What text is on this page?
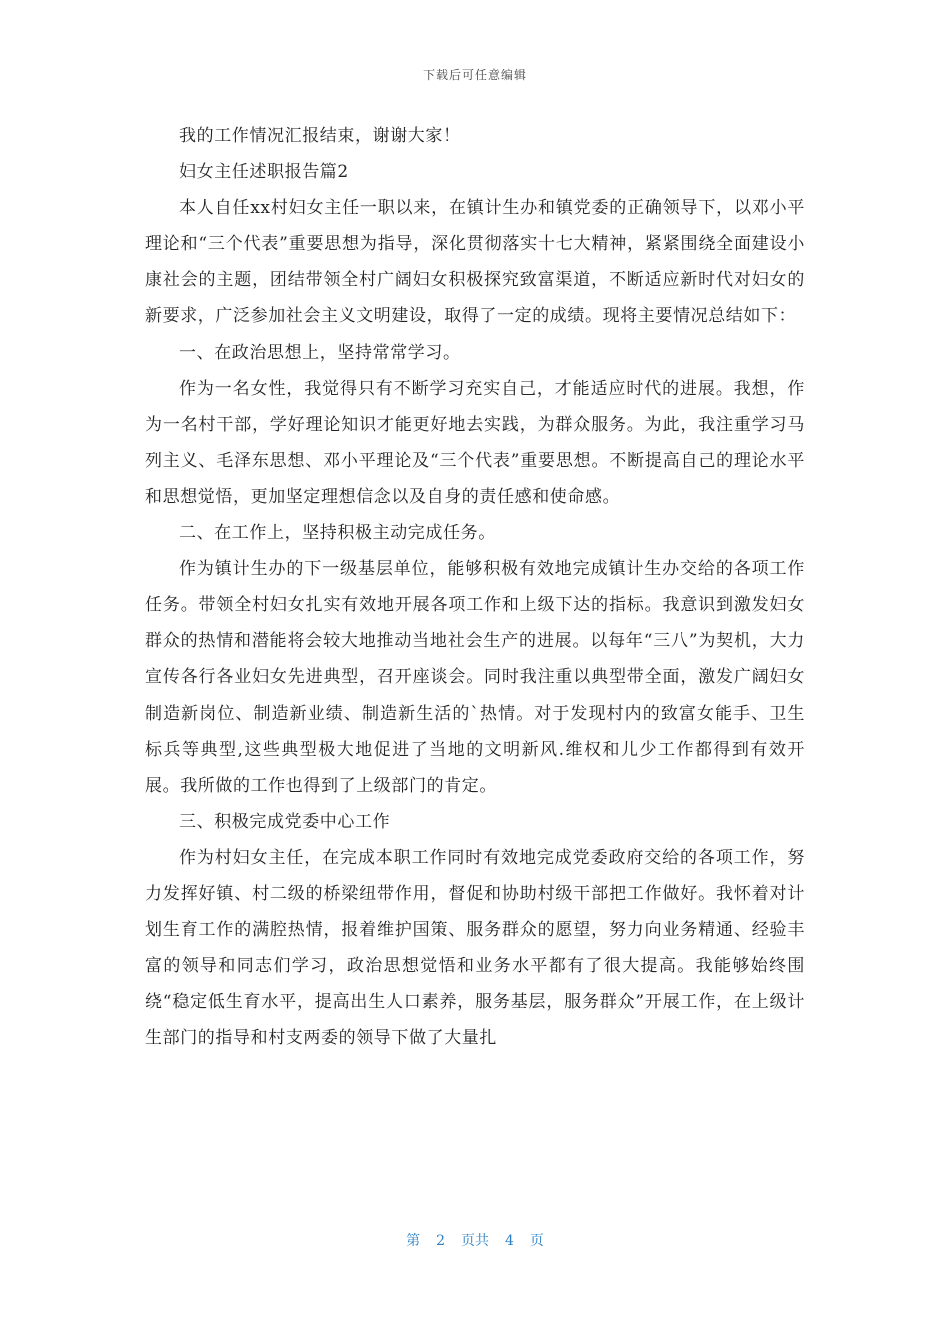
下载后可任意编辑

我的工作情况汇报结束，谢谢大家！

妇女主任述职报告篇2

本人自任xx村妇女主任一职以来，在镇计生办和镇党委的正确领导下，以邓小平理论和“三个代表”重要思想为指导，深化贯彻落实十七大精神，紧紧围绕全面建设小康社会的主题，团结带领全村广阔妇女积极探究致富渠道，不断适应新时代对妇女的新要求，广泛参加社会主义文明建设，取得了一定的成绩。现将主要情况总结如下：

一、在政治思想上，坚持常常学习。

作为一名女性，我觉得只有不断学习充实自己，才能适应时代的进展。我想，作为一名村干部，学好理论知识才能更好地去实践，为群众服务。为此，我注重学习马列主义、毛泽东思想、邓小平理论及“三个代表”重要思想。不断提高自己的理论水平和思想觉悟，更加坚定理想信念以及自身的责任感和使命感。

二、在工作上，坚持积极主动完成任务。

作为镇计生办的下一级基层单位，能够积极有效地完成镇计生办交给的各项工作任务。带领全村妇女扎实有效地开展各项工作和上级下达的指标。我意识到激发妇女群众的热情和潜能将会较大地推动当地社会生产的进展。以每年“三八”为契机，大力宣传各行各业妇女先进典型，召开座谈会。同时我注重以典型带全面，激发广阔妇女制造新岗位、制造新业绩、制造新生活的`热情。对于发现村内的致富女能手、卫生标兵等典型,这些典型极大地促进了当地的文明新风.维权和儿少工作都得到有效开展。我所做的工作也得到了上级部门的肯定。

三、积极完成党委中心工作

作为村妇女主任，在完成本职工作同时有效地完成党委政府交给的各项工作，努力发挥好镇、村二级的桥梁纽带作用，督促和协助村级干部把工作做好。我怀着对计划生育工作的满腔热情，报着维护国策、服务群众的愿望，努力向业务精通、经验丰富的领导和同志们学习，政治思想觉悟和业务水平都有了很大提高。我能够始终围绕“稳定低生育水平，提高出生人口素养，服务基层，服务群众”开展工作，在上级计生部门的指导和村支两委的领导下做了大量扎

第 2 页共 4 页
